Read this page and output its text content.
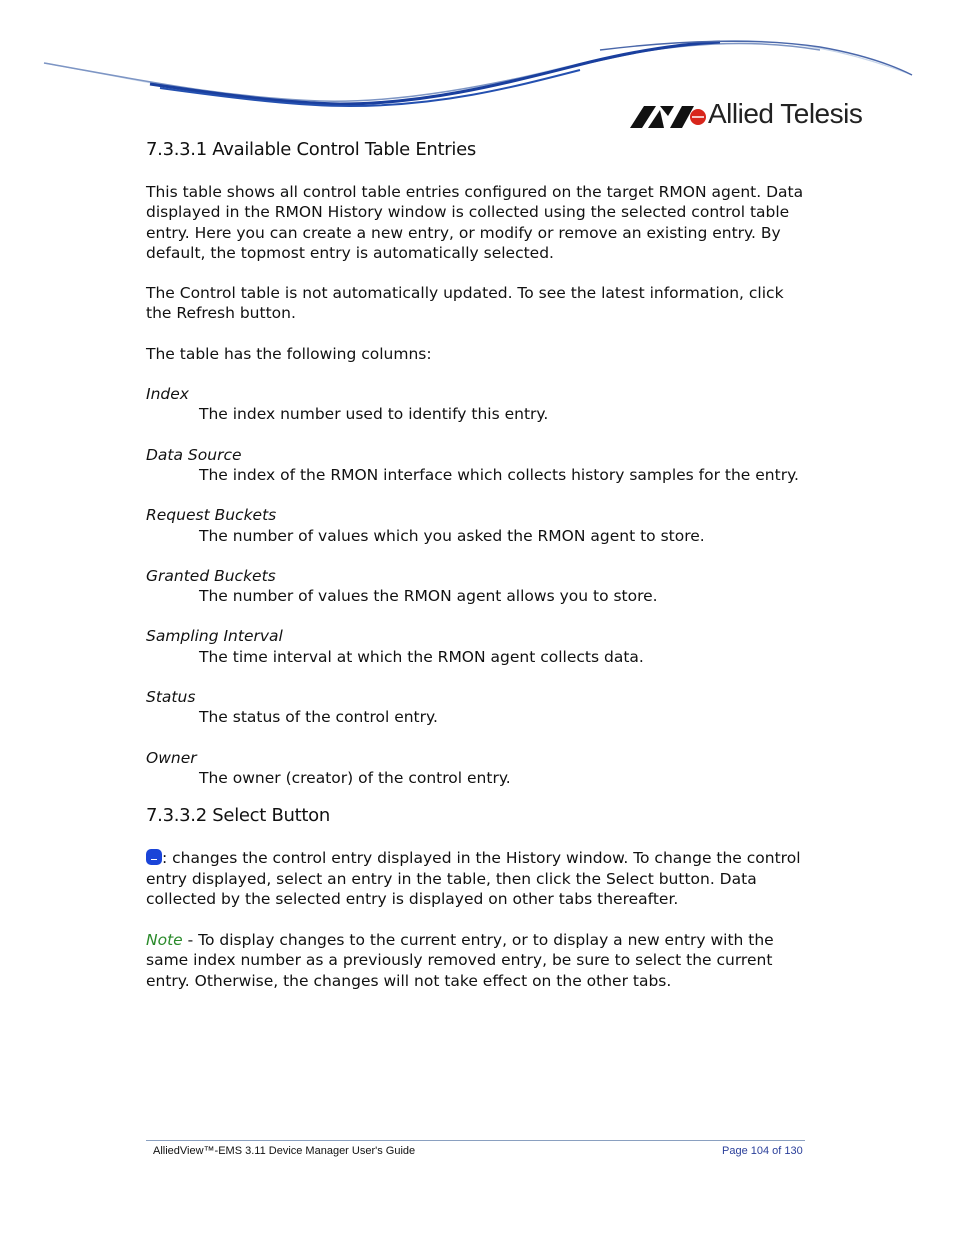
Allied Telesis
7.3.3.1 Available Control Table Entries

This table shows all control table entries configured on the target RMON agent. Data displayed in the RMON History window is collected using the selected control table entry. Here you can create a new entry, or modify or remove an existing entry. By default, the topmost entry is automatically selected.

The Control table is not automatically updated. To see the latest information, click the Refresh button.

The table has the following columns:

Index

The index number used to identify this entry.

Data Source

The index of the RMON interface which collects history samples for the entry.

Request Buckets

The number of values which you asked the RMON agent to store.

Granted Buckets

The number of values the RMON agent allows you to store.

Sampling Interval

The time interval at which the RMON agent collects data.

Status

The status of the control entry.

Owner

The owner (creator) of the control entry.

7.3.3.2 Select Button

: changes the control entry displayed in the History window. To change the control entry displayed, select an entry in the table, then click the Select button. Data collected by the selected entry is displayed on other tabs thereafter.

Note - To display changes to the current entry, or to display a new entry with the same index number as a previously removed entry, be sure to select the current entry. Otherwise, the changes will not take effect on the other tabs.

AlliedView™-EMS 3.11 Device Manager User's Guide	Page 104 of 130
